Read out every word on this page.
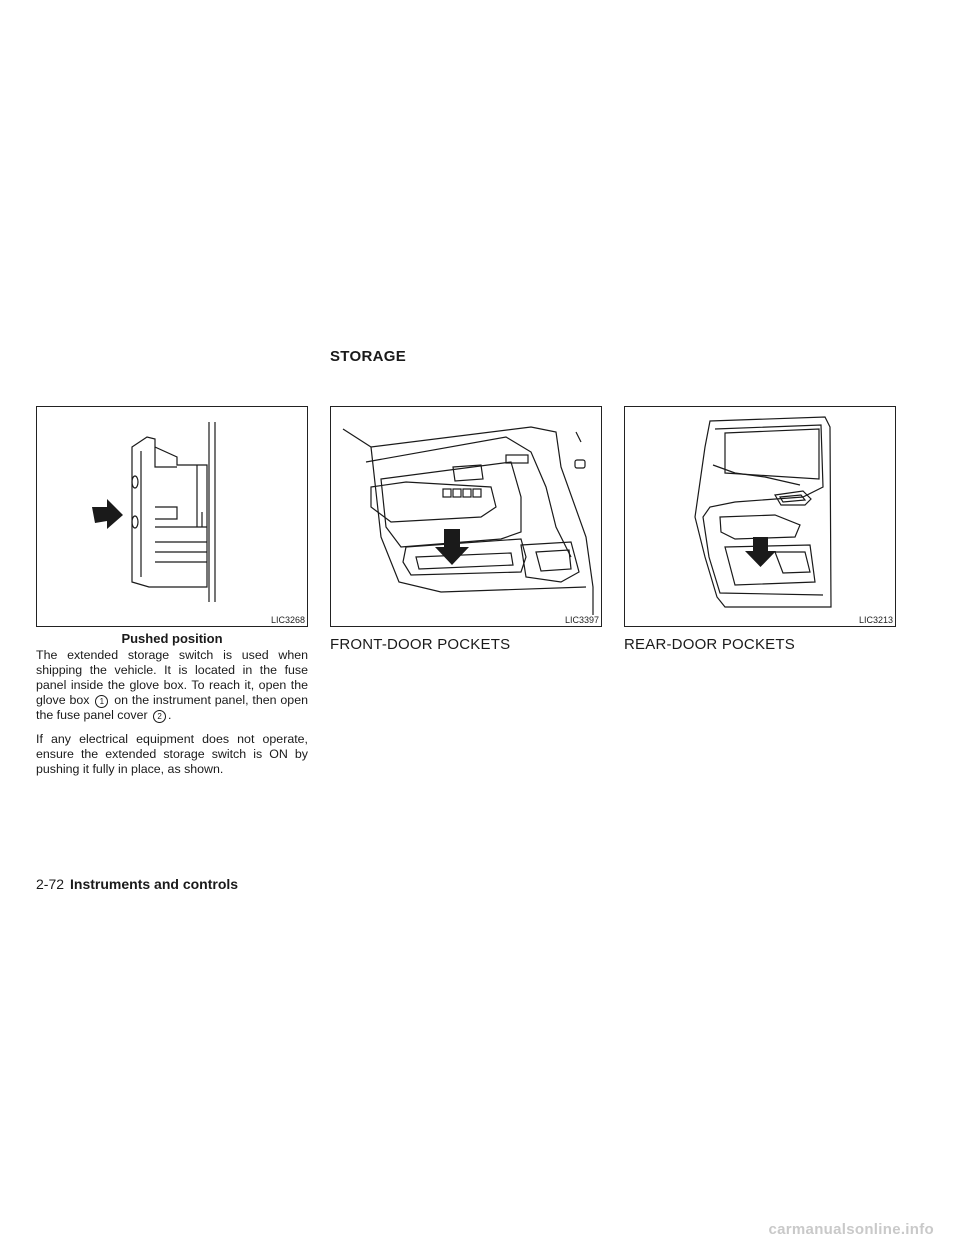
STORAGE
LIC3268
Pushed position
LIC3397
FRONT-DOOR POCKETS
LIC3213
REAR-DOOR POCKETS

The extended storage switch is used when shipping the vehicle. It is located in the fuse panel inside the glove box. To reach it, open the glove box 1 on the instrument panel, then open the fuse panel cover 2 .

If any electrical equipment does not operate, ensure the extended storage switch is ON by pushing it fully in place, as shown.

2-72 Instruments and controls
carmanualsonline.info
